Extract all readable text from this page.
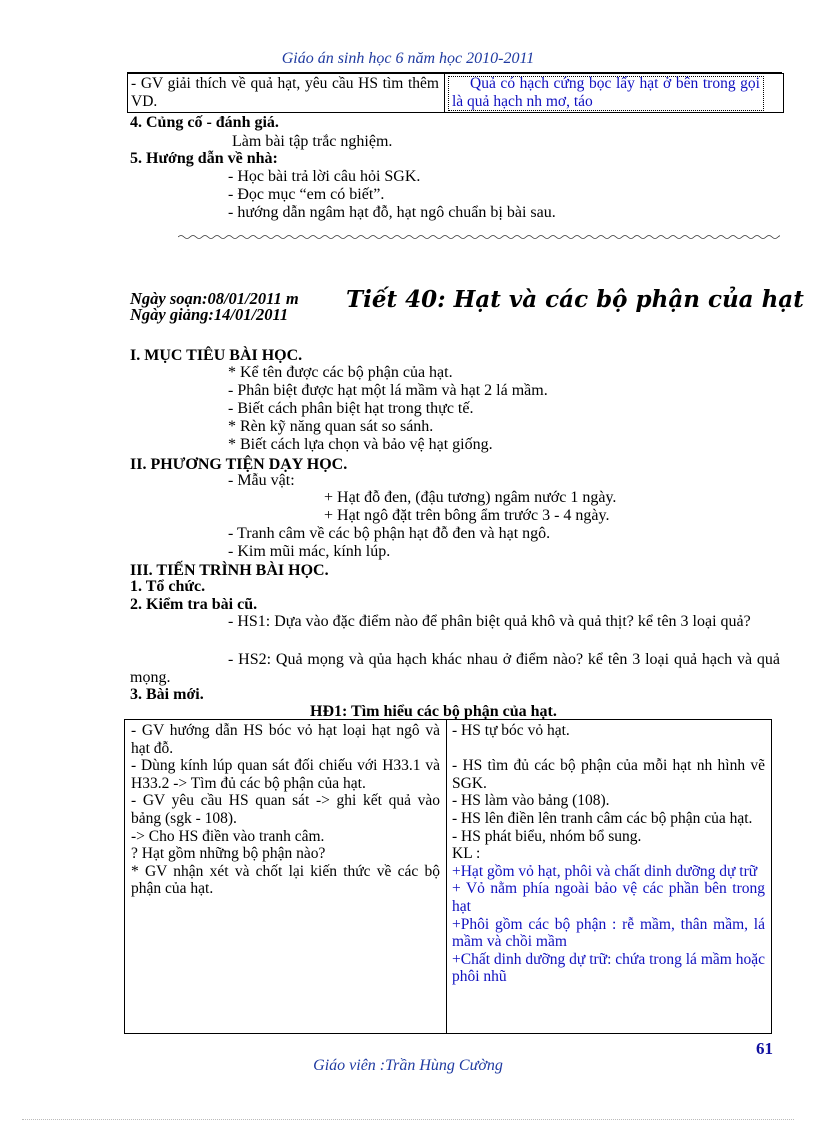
Giáo án sinh học 6 năm học 2010-2011
- GV giải thích về quả hạt, yêu cầu HS tìm thêm VD.
Quả có hạch cứng bọc lấy hạt ở bên trong gọi là quả hạch nh mơ, táo
4. Củng cố - đánh giá.
Làm bài tập trắc nghiệm.
5. Hướng dẫn về nhà:
- Học bài trả lời câu hỏi SGK.
- Đọc mục “em có biết”.
- hướng dẫn ngâm hạt đỗ, hạt ngô chuẩn bị bài sau.
Ngày soạn:08/01/2011 m
Ngày giảng:14/01/2011
Tiết 40: Hạt và các bộ phận của hạt
I. MỤC TIÊU BÀI HỌC.
* Kể tên được các bộ phận của hạt.
- Phân biệt được hạt một lá mầm và hạt 2 lá mầm.
- Biết cách phân biệt hạt trong thực tế.
* Rèn kỹ năng quan sát so sánh.
* Biết cách lựa chọn và bảo vệ hạt giống.
II. PHƯƠNG TIỆN DẠY HỌC.
- Mẫu vật:
+ Hạt đỗ đen, (đậu tương) ngâm nước 1 ngày.
+ Hạt ngô đặt trên bông ẩm trước 3 - 4 ngày.
- Tranh câm về các bộ phận hạt đỗ đen và hạt ngô.
- Kim mũi mác, kính lúp.
III. TIẾN TRÌNH BÀI HỌC.
1. Tổ chức.
2. Kiểm tra bài cũ.
- HS1: Dựa vào đặc điểm nào để phân biệt quả khô và quả thịt? kể tên 3 loại quả?
- HS2: Quả mọng và qủa hạch khác nhau ở điểm nào? kể tên 3 loại quả hạch và quả mọng.
3. Bài mới.
HĐ1: Tìm hiểu các bộ phận của hạt.

- GV hướng dẫn HS bóc vỏ hạt loại hạt ngô và hạt đỗ.

- Dùng kính lúp quan sát đối chiếu với H33.1 và H33.2 -> Tìm đủ các bộ phận của hạt.

- GV yêu cầu HS quan sát -> ghi kết quả vào bảng (sgk - 108).

-> Cho HS điền vào tranh câm.

? Hạt gồm những bộ phận nào?

* GV nhận xét và chốt lại kiến thức về các bộ phận của hạt.

- HS tự bóc vỏ hạt.

- HS tìm đủ các bộ phận của mỗi hạt nh hình vẽ SGK.

- HS làm vào bảng (108).

- HS lên điền lên tranh câm các bộ phận của hạt.

- HS phát biểu, nhóm bổ sung.

KL :

+Hạt gồm vỏ hạt, phôi và chất dinh dưỡng dự trữ

+ Vỏ nằm phía ngoài bảo vệ các phần bên trong hạt

+Phôi gồm các bộ phận : rễ mầm, thân mầm, lá mầm và chồi mầm

+Chất dinh dưỡng dự trữ: chứa trong lá mầm hoặc phôi nhũ

61
Giáo viên :Trần Hùng Cường
